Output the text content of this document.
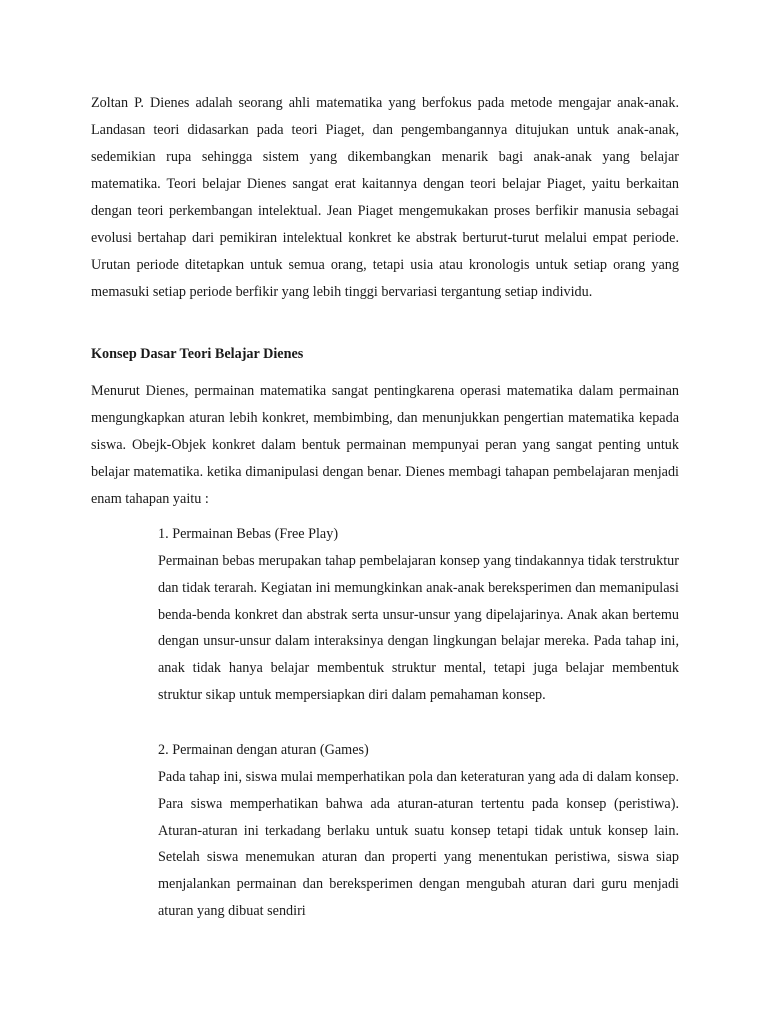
Zoltan P. Dienes adalah seorang ahli matematika yang berfokus pada metode mengajar anak-anak. Landasan teori didasarkan pada teori Piaget, dan pengembangannya ditujukan untuk anak-anak, sedemikian rupa sehingga sistem yang dikembangkan menarik bagi anak-anak yang belajar matematika. Teori belajar Dienes sangat erat kaitannya dengan teori belajar Piaget, yaitu berkaitan dengan teori perkembangan intelektual. Jean Piaget mengemukakan proses berfikir manusia sebagai evolusi bertahap dari pemikiran intelektual konkret ke abstrak berturut-turut melalui empat periode. Urutan periode ditetapkan untuk semua orang, tetapi usia atau kronologis untuk setiap orang yang memasuki setiap periode berfikir yang lebih tinggi bervariasi tergantung setiap individu.

Konsep Dasar Teori Belajar Dienes

Menurut Dienes, permainan matematika sangat pentingkarena operasi matematika dalam permainan mengungkapkan aturan lebih konkret, membimbing, dan menunjukkan pengertian matematika kepada siswa. Obejk-Objek konkret dalam bentuk permainan mempunyai peran yang sangat penting untuk belajar matematika. ketika dimanipulasi dengan benar. Dienes membagi tahapan pembelajaran menjadi enam tahapan yaitu :

1. Permainan Bebas (Free Play)

Permainan bebas merupakan tahap pembelajaran konsep yang tindakannya tidak terstruktur dan tidak terarah. Kegiatan ini memungkinkan anak-anak bereksperimen dan memanipulasi benda-benda konkret dan abstrak serta unsur-unsur yang dipelajarinya. Anak akan bertemu dengan unsur-unsur dalam interaksinya dengan lingkungan belajar mereka. Pada tahap ini, anak tidak hanya belajar membentuk struktur mental, tetapi juga belajar membentuk struktur sikap untuk mempersiapkan diri dalam pemahaman konsep.

2. Permainan dengan aturan (Games)

Pada tahap ini, siswa mulai memperhatikan pola dan keteraturan yang ada di dalam konsep. Para siswa memperhatikan bahwa ada aturan-aturan tertentu pada konsep (peristiwa). Aturan-aturan ini terkadang berlaku untuk suatu konsep tetapi tidak untuk konsep lain. Setelah siswa menemukan aturan dan properti yang menentukan peristiwa, siswa siap menjalankan permainan dan bereksperimen dengan mengubah aturan dari guru menjadi aturan yang dibuat sendiri
